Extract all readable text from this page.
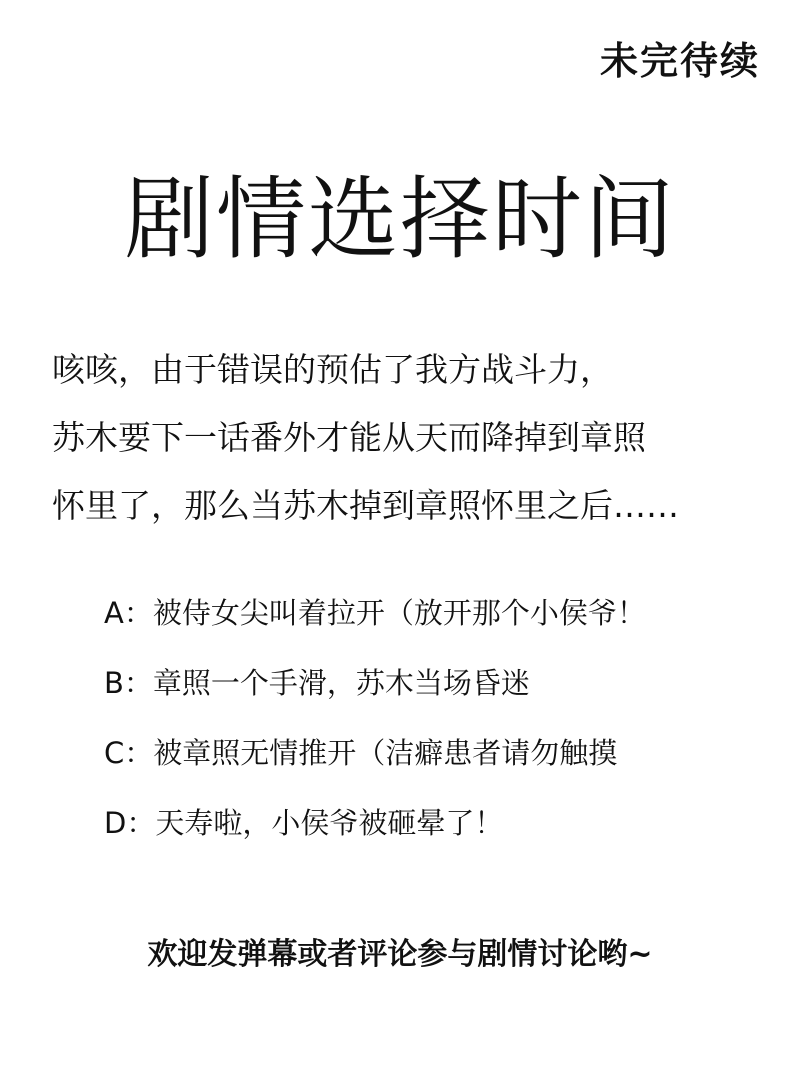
未完待续
剧情选择时间
咳咳，由于错误的预估了我方战斗力，
苏木要下一话番外才能从天而降掉到章照
怀里了，那么当苏木掉到章照怀里之后……
A：被侍女尖叫着拉开（放开那个小侯爷！
B：章照一个手滑，苏木当场昏迷
C：被章照无情推开（洁癖患者请勿触摸
D：天寿啦，小侯爷被砸晕了！
欢迎发弹幕或者评论参与剧情讨论哟~
